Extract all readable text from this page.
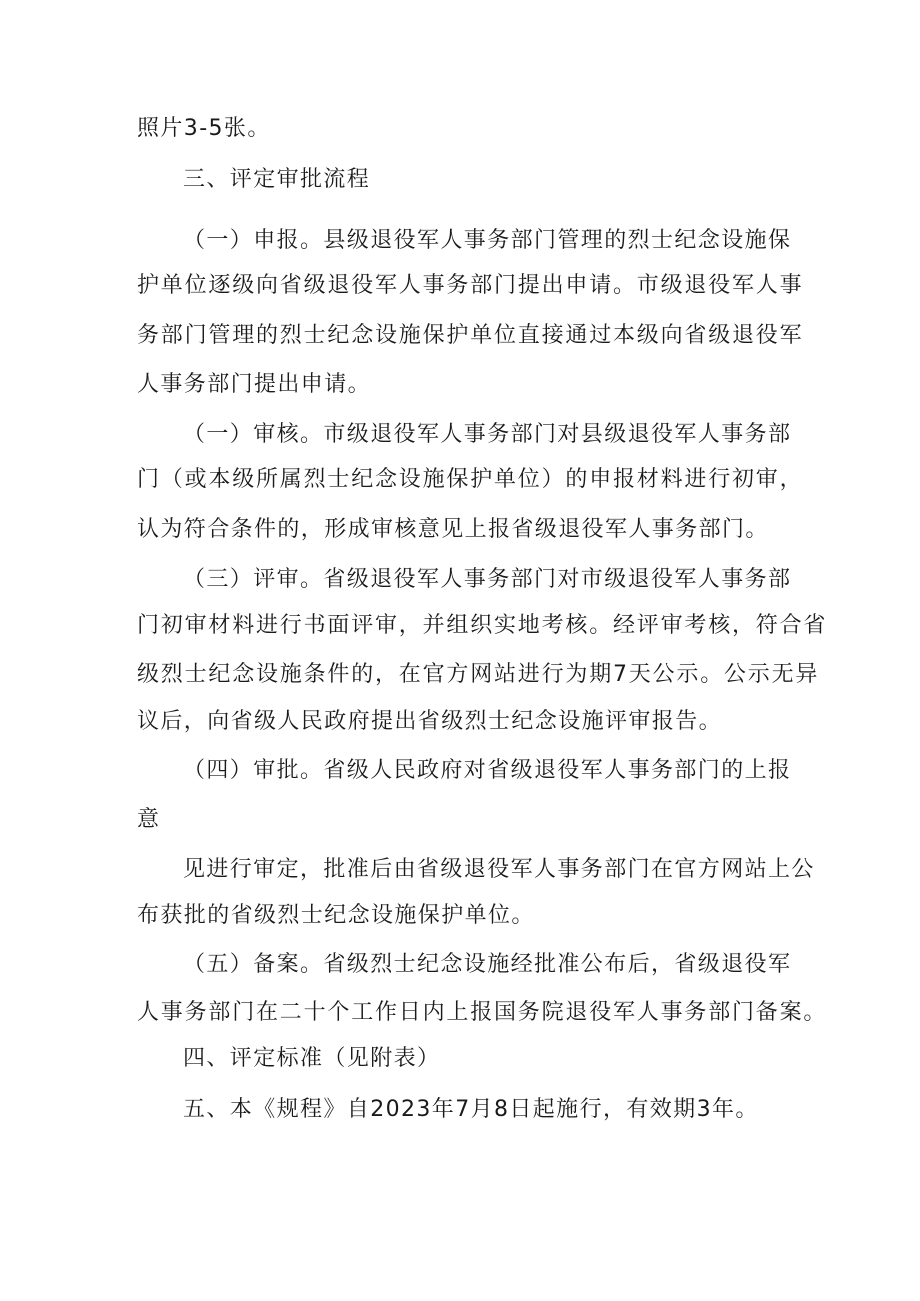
照片3-5张。
三、评定审批流程
（一）申报。县级退役军人事务部门管理的烈士纪念设施保
护单位逐级向省级退役军人事务部门提出申请。市级退役军人事
务部门管理的烈士纪念设施保护单位直接通过本级向省级退役军
人事务部门提出申请。
（一）审核。市级退役军人事务部门对县级退役军人事务部
门（或本级所属烈士纪念设施保护单位）的申报材料进行初审，
认为符合条件的，形成审核意见上报省级退役军人事务部门。
（三）评审。省级退役军人事务部门对市级退役军人事务部
门初审材料进行书面评审，并组织实地考核。经评审考核，符合省
级烈士纪念设施条件的，在官方网站进行为期7天公示。公示无异
议后，向省级人民政府提出省级烈士纪念设施评审报告。
（四）审批。省级人民政府对省级退役军人事务部门的上报
意
见进行审定，批准后由省级退役军人事务部门在官方网站上公
布获批的省级烈士纪念设施保护单位。
（五）备案。省级烈士纪念设施经批准公布后，省级退役军
人事务部门在二十个工作日内上报国务院退役军人事务部门备案。
四、评定标准（见附表）
五、本《规程》自2023年7月8日起施行，有效期3年。
